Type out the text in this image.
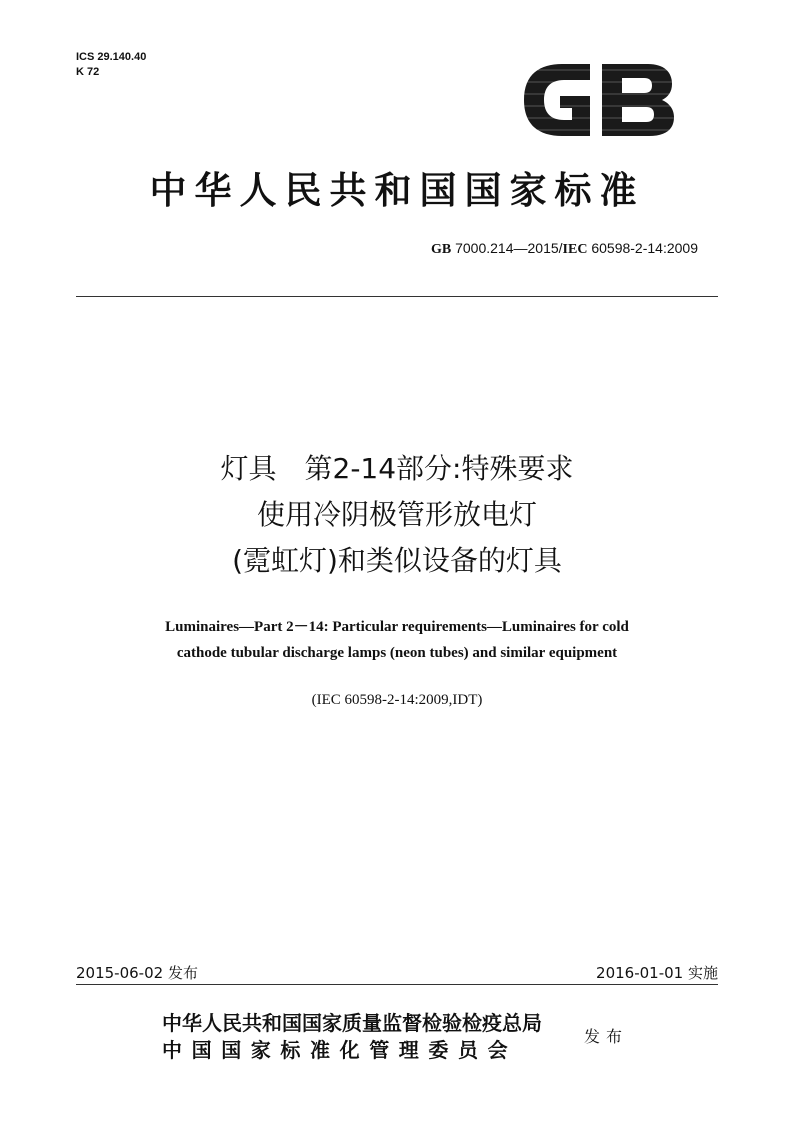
ICS 29.140.40
K 72
中华人民共和国国家标准
GB 7000.214—2015/IEC 60598-2-14:2009
灯具　第2-14部分:特殊要求
使用冷阴极管形放电灯
(霓虹灯)和类似设备的灯具
Luminaires—Part 2－14: Particular requirements—Luminaires for cold
cathode tubular discharge lamps (neon tubes) and similar equipment
(IEC 60598-2-14:2009,IDT)
2015-06-02 发布	2016-01-01 实施
中华人民共和国国家质量监督检验检疫总局
中国国家标准化管理委员会
发布
